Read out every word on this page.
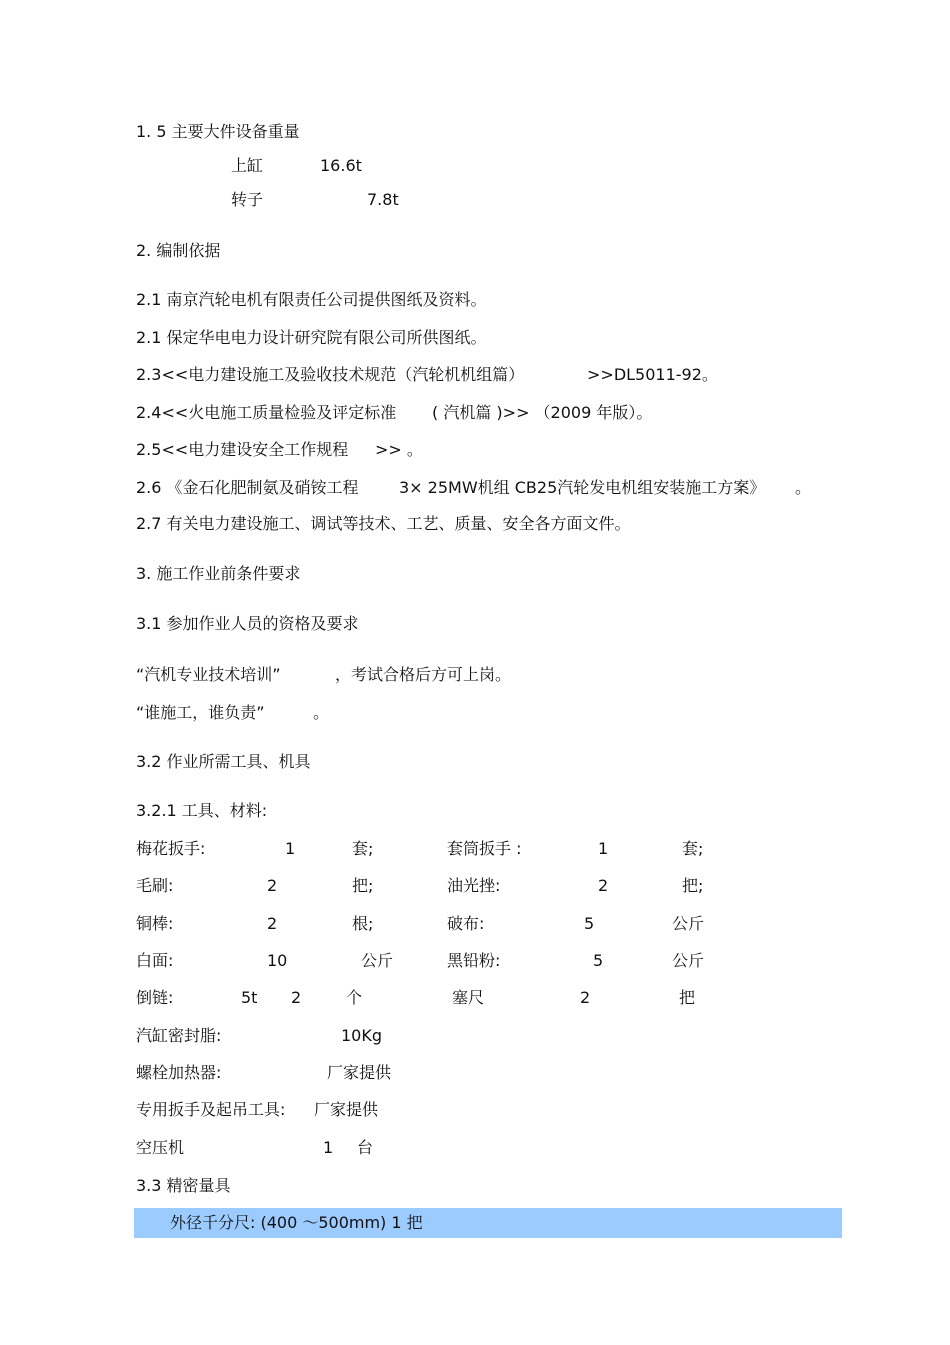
1. 5 主要大件设备重量
上缸	16.6t
转子	7.8t
2. 编制依据
2.1 南京汽轮电机有限责任公司提供图纸及资料。
2.1 保定华电电力设计研究院有限公司所供图纸。
2.3<<电力建设施工及验收技术规范（汽轮机机组篇）	>>DL5011-92。
2.4<<火电施工质量检验及评定标准 ( 汽机篇 )>> （2009 年版）。
2.5<<电力建设安全工作规程 >> 。
2.6 《金石化肥制氨及硝铵工程	3× 25MW机组 CB25汽轮发电机组安装施工方案》 。
2.7 有关电力建设施工、调试等技术、工艺、质量、安全各方面文件。
3. 施工作业前条件要求
3.1 参加作业人员的资格及要求
“汽机专业技术培训”	，考试合格后方可上岗。
“谁施工，谁负责”	。
3.2 作业所需工具、机具
3.2.1 工具、材料:
梅花扳手:	1	套;	套筒扳手 :	1	套;
毛刷:	2	把;	油光挫:	2	把;
铜棒:	2	根;	破布:	5	公斤
白面:	10	公斤	黑铅粉:	5	公斤
倒链:	5t 2	个	塞尺	2	把
汽缸密封脂:	10Kg
螺栓加热器:	厂家提供
专用扳手及起吊工具: 厂家提供
空压机	1 台
3.3 精密量具
外径千分尺: (400 ～500mm) 1 把
